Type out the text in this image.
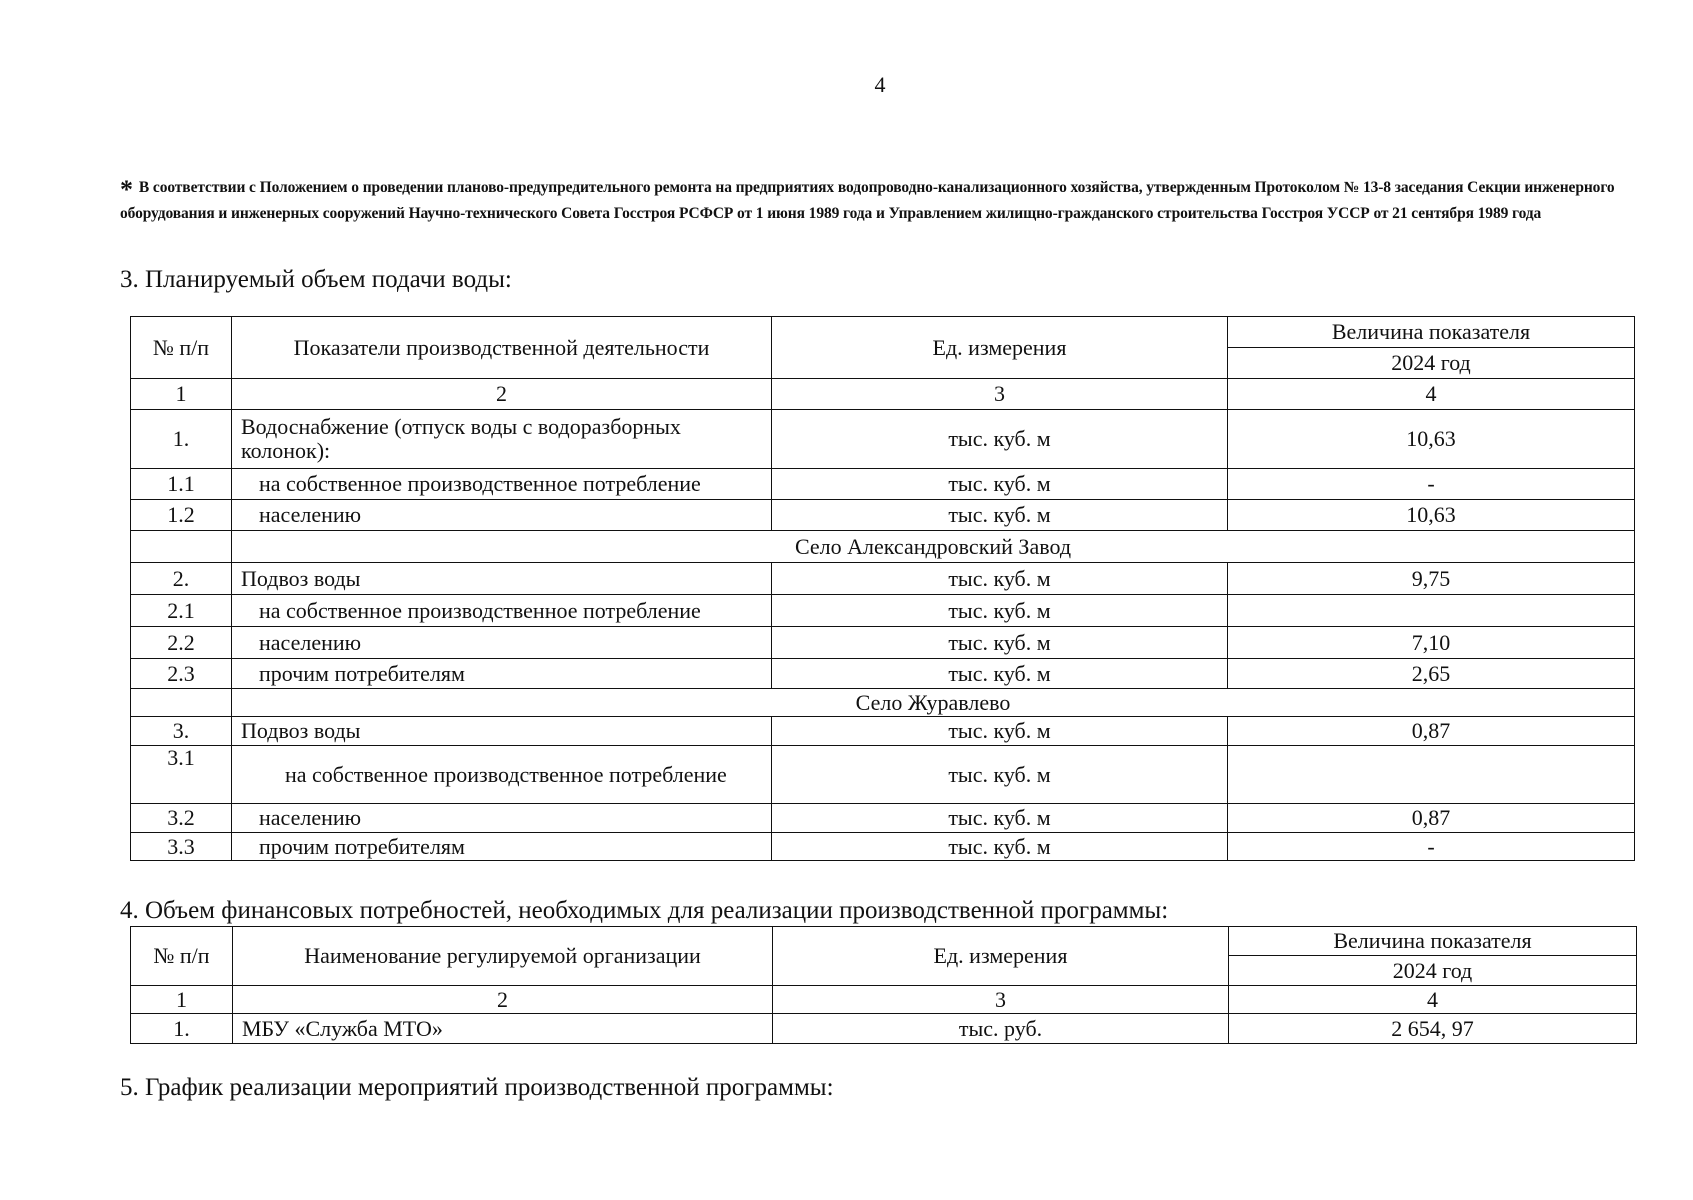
4
* В соответствии с Положением о проведении планово-предупредительного ремонта на предприятиях водопроводно-канализационного хозяйства, утвержденным Протоколом № 13-8 заседания Секции инженерного оборудования и инженерных сооружений Научно-технического Совета Госстроя РСФСР от 1 июня 1989 года и Управлением жилищно-гражданского строительства Госстроя УССР от 21 сентября 1989 года
3. Планируемый объем подачи воды:
№ п/п	Показатели производственной деятельности	Ед. измерения	Величина показателя
			2024 год
1	2	3	4
1.	Водоснабжение (отпуск воды с водоразборных колонок):	тыс. куб. м	10,63
1.1	на собственное производственное потребление	тыс. куб. м	-
1.2	населению	тыс. куб. м	10,63
	Село Александровский Завод		
2.	Подвоз воды	тыс. куб. м	9,75
2.1	на собственное производственное потребление	тыс. куб. м	
2.2	населению	тыс. куб. м	7,10
2.3	прочим потребителям	тыс. куб. м	2,65
	Село Журавлево		
3.	Подвоз воды	тыс. куб. м	0,87
3.1	на собственное производственное потребление	тыс. куб. м	
3.2	населению	тыс. куб. м	0,87
3.3	прочим потребителям	тыс. куб. м	-
4. Объем финансовых потребностей, необходимых для реализации производственной программы:
№ п/п	Наименование регулируемой организации	Ед. измерения	Величина показателя
			2024 год
1	2	3	4
1.	МБУ «Служба МТО»	тыс. руб.	2 654, 97
5. График реализации мероприятий производственной программы:
